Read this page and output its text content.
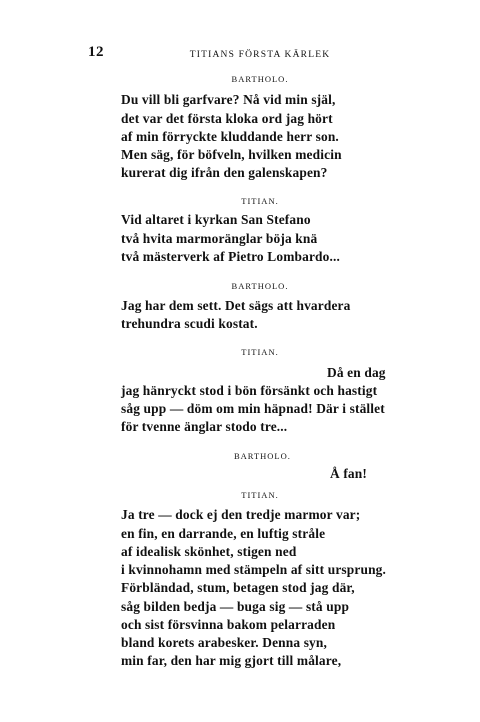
12	TITIANS FÖRSTA KÄRLEK
BARTHOLO.
Du vill bli garfvare? Nå vid min själ,
det var det första kloka ord jag hört
af min förryckte kluddande herr son.
Men säg, för böfveln, hvilken medicin
kurerat dig ifrån den galenskapen?
TITIAN.
Vid altaret i kyrkan San Stefano
två hvita marmoränglar böja knä
två mästerverk af Pietro Lombardo...
BARTHOLO.
Jag har dem sett. Det sägs att hvardera
trehundra scudi kostat.
TITIAN.
Då en dag
jag hänryckt stod i bön försänkt och hastigt
såg upp — döm om min häpnad! Där i stället
för tvenne änglar stodo tre...
BARTHOLO.
Å fan!
TITIAN.
Ja tre — dock ej den tredje marmor var;
en fin, en darrande, en luftig stråle
af idealisk skönhet, stigen ned
i kvinnohamn med stämpeln af sitt ursprung.
Förbländad, stum, betagen stod jag där,
såg bilden bedja — buga sig — stå upp
och sist försvinna bakom pelarraden
bland korets arabesker. Denna syn,
min far, den har mig gjort till målare,
